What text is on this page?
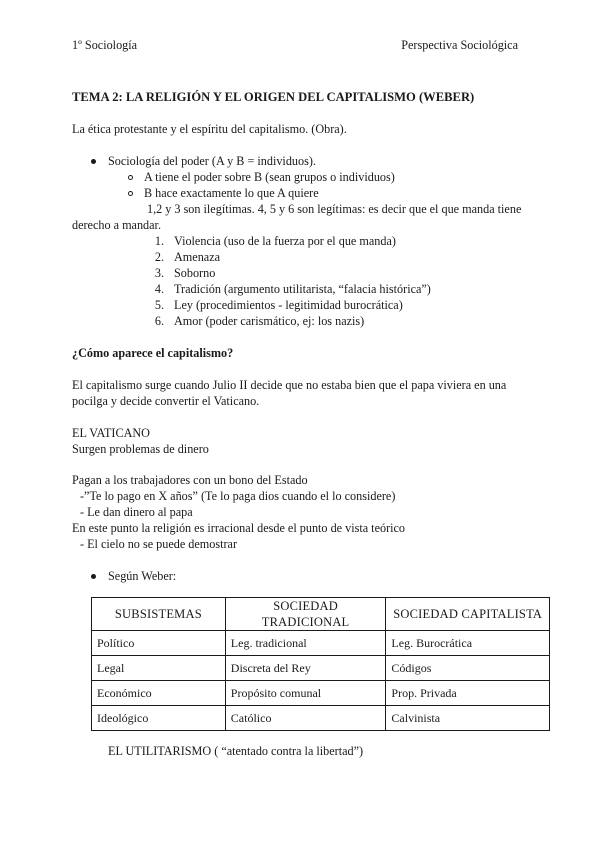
1º Sociología	Perspectiva Sociológica
TEMA 2: LA RELIGIÓN Y EL ORIGEN DEL CAPITALISMO (WEBER)
La ética protestante y el espíritu del capitalismo. (Obra).
Sociología del poder (A y B = individuos).
A tiene el poder sobre B (sean grupos o individuos)
B hace exactamente lo que A quiere
1,2 y 3 son ilegítimas. 4, 5 y 6 son legítimas: es decir que el que manda tiene
derecho a mandar.
1. Violencia (uso de la fuerza por el que manda)
2. Amenaza
3. Soborno
4. Tradición (argumento utilitarista, “falacia histórica”)
5. Ley (procedimientos - legitimidad burocrática)
6. Amor (poder carismático, ej: los nazis)
¿Cómo aparece el capitalismo?
El capitalismo surge cuando Julio II decide que no estaba bien que el papa viviera en una
pocilga y decide convertir el Vaticano.
EL VATICANO
Surgen problemas de dinero
Pagan a los trabajadores con un bono del Estado
-”Te lo pago en X años” (Te lo paga dios cuando el lo considere)
- Le dan dinero al papa
En este punto la religión es irracional desde el punto de vista teórico
- El cielo no se puede demostrar
Según Weber:
SUBSISTEMAS	SOCIEDAD TRADICIONAL	SOCIEDAD CAPITALISTA
Político	Leg. tradicional	Leg. Burocrática
Legal	Discreta del Rey	Códigos
Económico	Propósito comunal	Prop. Privada
Ideológico	Católico	Calvinista
EL UTILITARISMO ( “atentado contra la libertad”)
